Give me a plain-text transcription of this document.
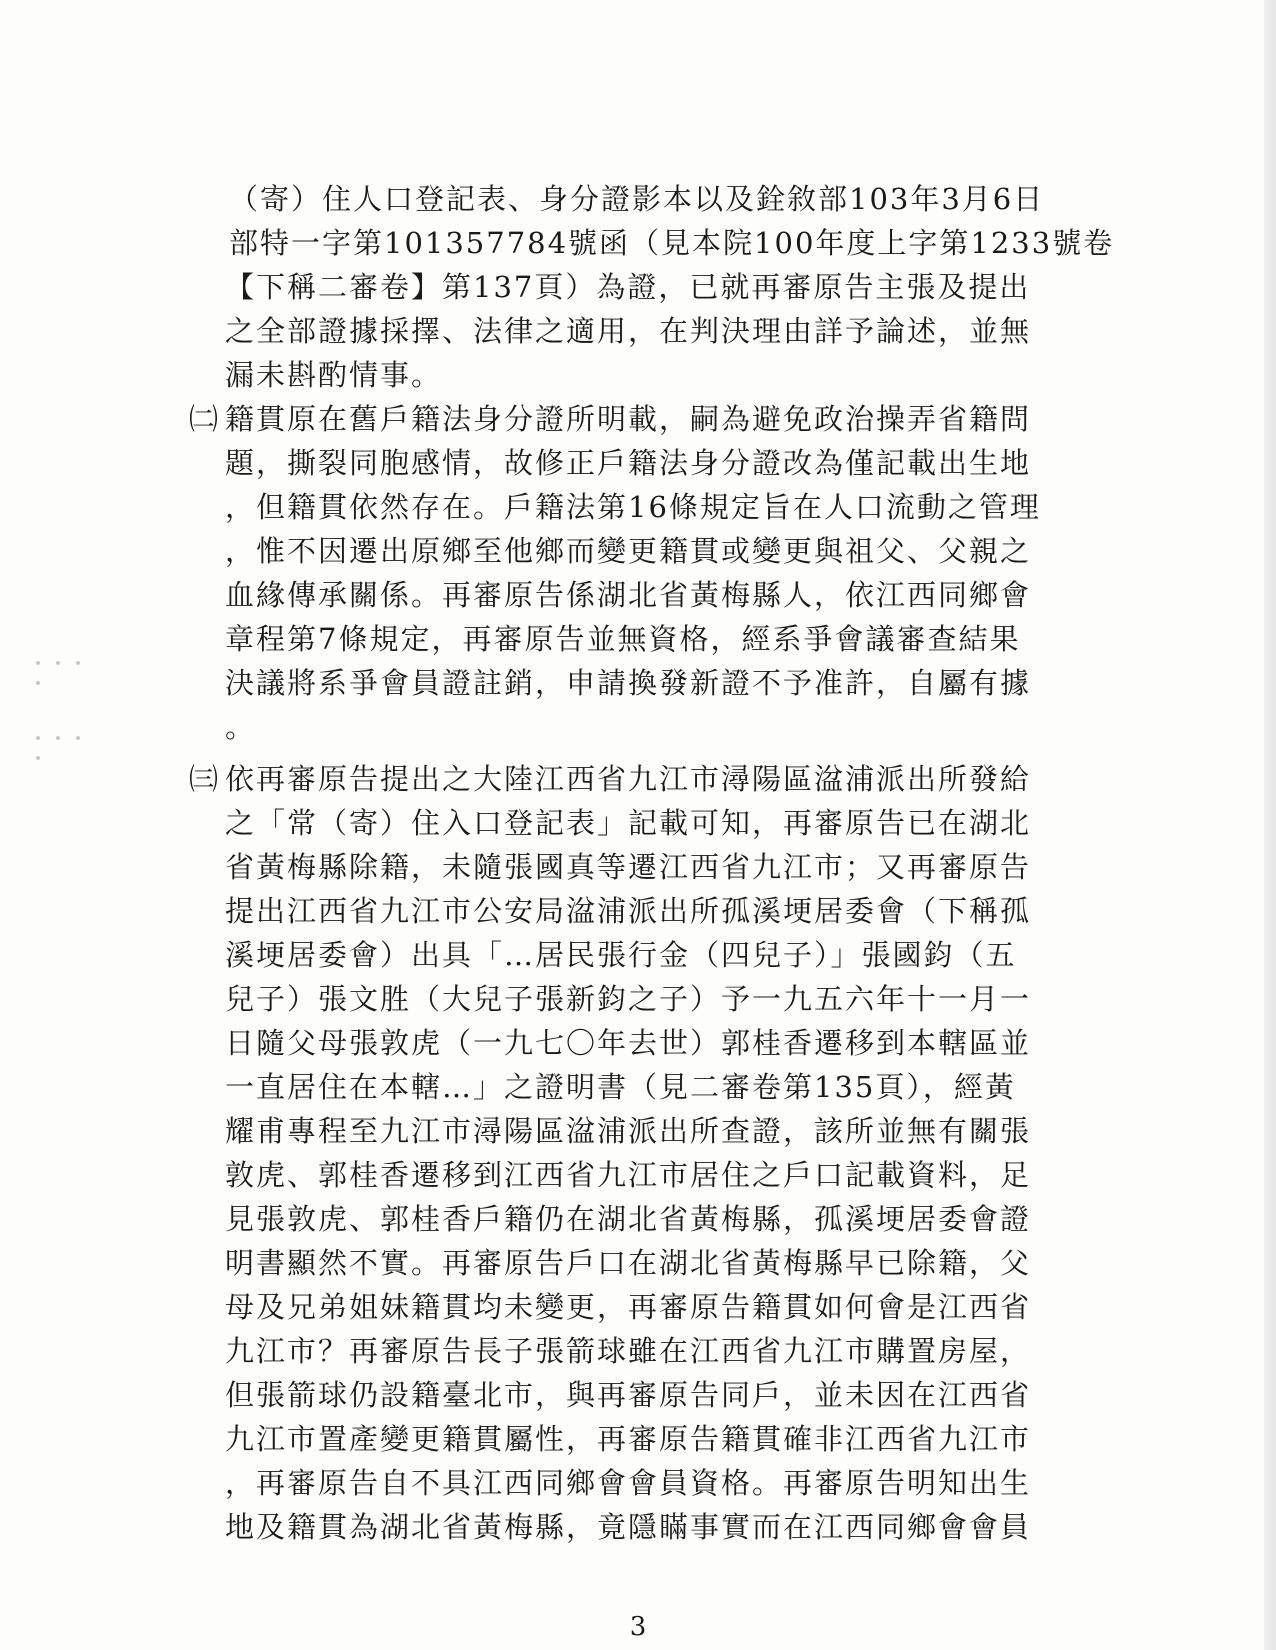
（寄）住人口登記表、身分證影本以及銓敘部103年3月6日
部特一字第101357784號函（見本院100年度上字第1233號卷
【下稱二審卷】第137頁）為證，已就再審原告主張及提出
之全部證據採擇、法律之適用，在判決理由詳予論述，並無
漏未斟酌情事。
㈡ 籍貫原在舊戶籍法身分證所明載，嗣為避免政治操弄省籍問
題，撕裂同胞感情，故修正戶籍法身分證改為僅記載出生地
，但籍貫依然存在。戶籍法第16條規定旨在人口流動之管理
，惟不因遷出原鄉至他鄉而變更籍貫或變更與祖父、父親之
血緣傳承關係。再審原告係湖北省黃梅縣人，依江西同鄉會
章程第7條規定，再審原告並無資格，經系爭會議審查結果
決議將系爭會員證註銷，申請換發新證不予准許，自屬有據
。
㈢ 依再審原告提出之大陸江西省九江市潯陽區湓浦派出所發給
之「常（寄）住入口登記表」記載可知，再審原告已在湖北
省黃梅縣除籍，未隨張國真等遷江西省九江市；又再審原告
提出江西省九江市公安局湓浦派出所孤溪埂居委會（下稱孤
溪埂居委會）出具「…居民張行金（四兒子）」張國鈞（五
兒子）張文胜（大兒子張新鈞之子）予一九五六年十一月一
日隨父母張敦虎（一九七〇年去世）郭桂香遷移到本轄區並
一直居住在本轄…」之證明書（見二審卷第135頁），經黃
耀甫專程至九江市潯陽區湓浦派出所查證，該所並無有關張
敦虎、郭桂香遷移到江西省九江市居住之戶口記載資料，足
見張敦虎、郭桂香戶籍仍在湖北省黃梅縣，孤溪埂居委會證
明書顯然不實。再審原告戶口在湖北省黃梅縣早已除籍，父
母及兄弟姐妹籍貫均未變更，再審原告籍貫如何會是江西省
九江市？再審原告長子張箭球雖在江西省九江市購置房屋，
但張箭球仍設籍臺北市，與再審原告同戶，並未因在江西省
九江市置產變更籍貫屬性，再審原告籍貫確非江西省九江市
，再審原告自不具江西同鄉會會員資格。再審原告明知出生
地及籍貫為湖北省黃梅縣，竟隱瞞事實而在江西同鄉會會員
3
